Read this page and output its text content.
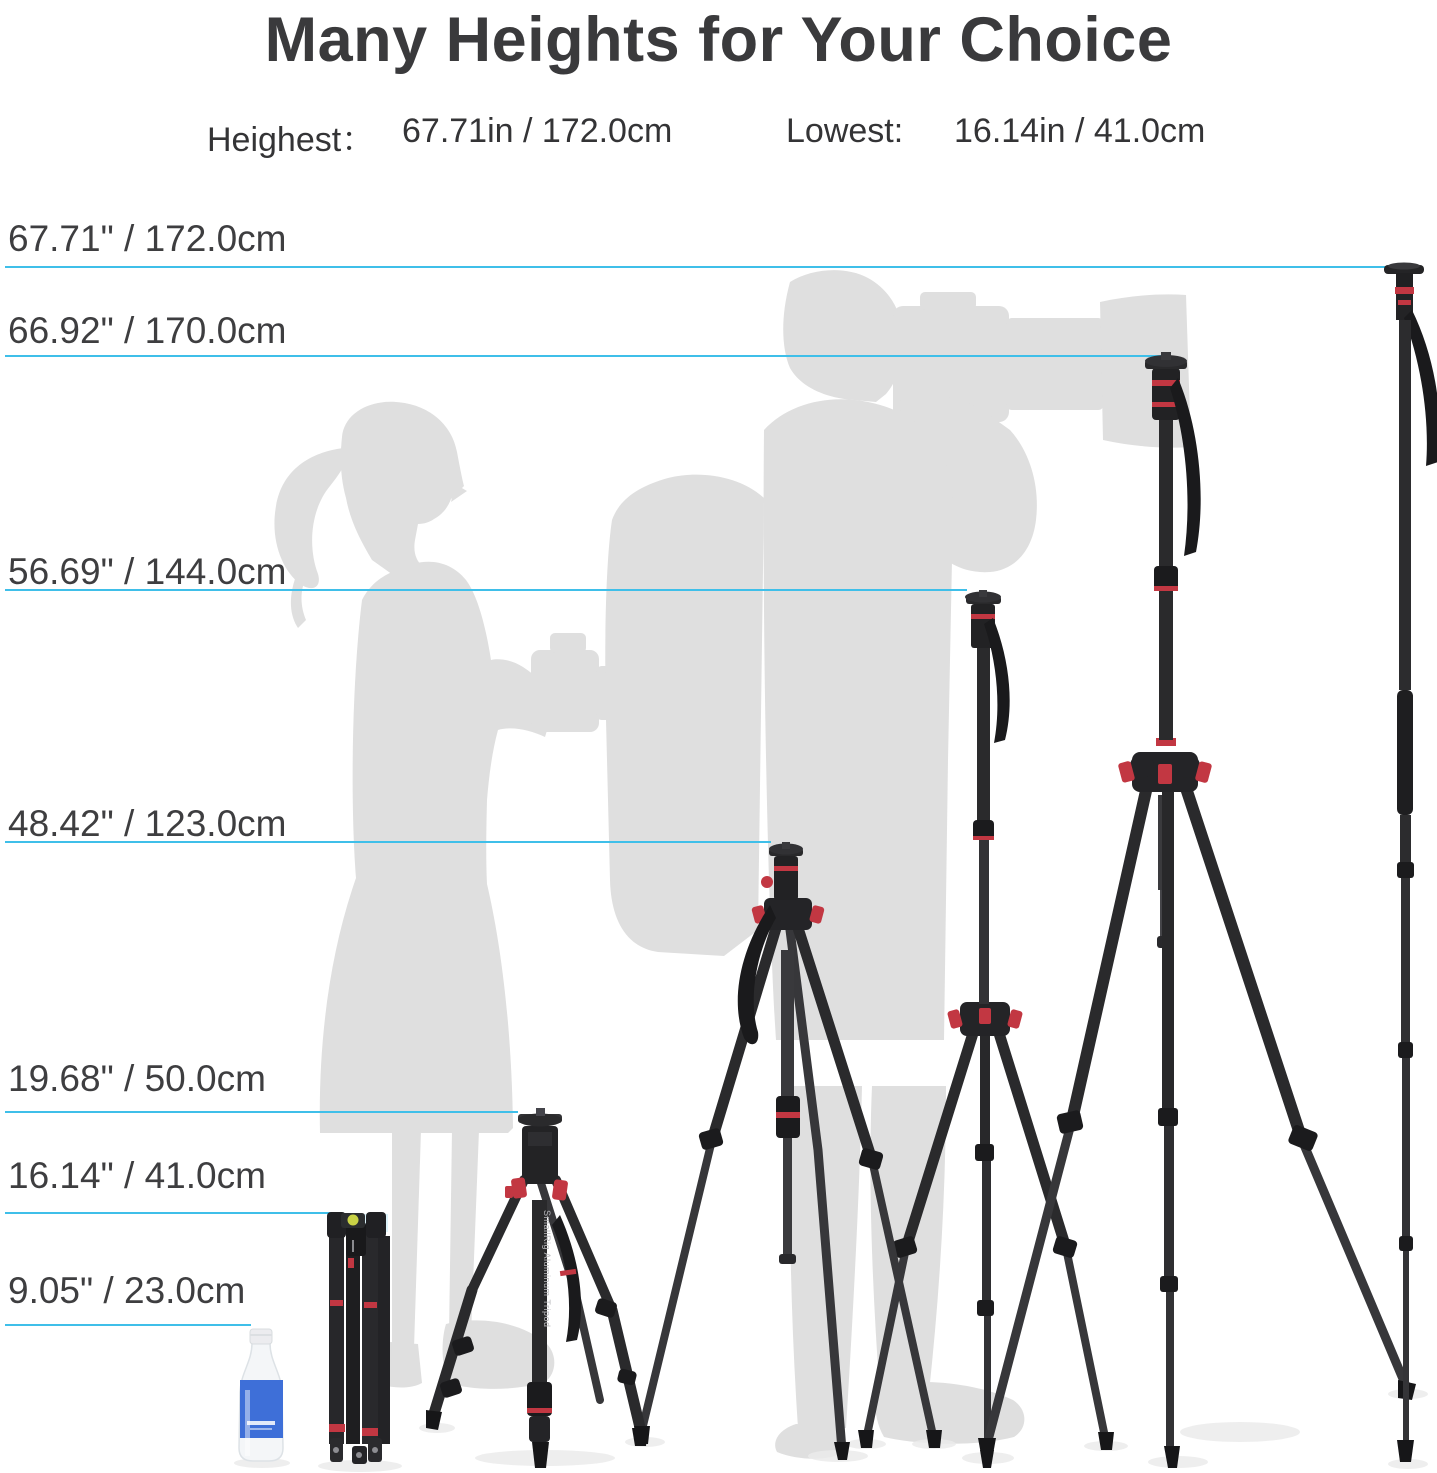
Many Heights for Your Choice
Heighest： 67.71in / 172.0cm	Lowest: 16.14in / 41.0cm
67.71" / 172.0cm
66.92" / 170.0cm
56.69" / 144.0cm
48.42" / 123.0cm
19.68" / 50.0cm
16.14" / 41.0cm
9.05" / 23.0cm	SmallRig Aluminum Tripod
